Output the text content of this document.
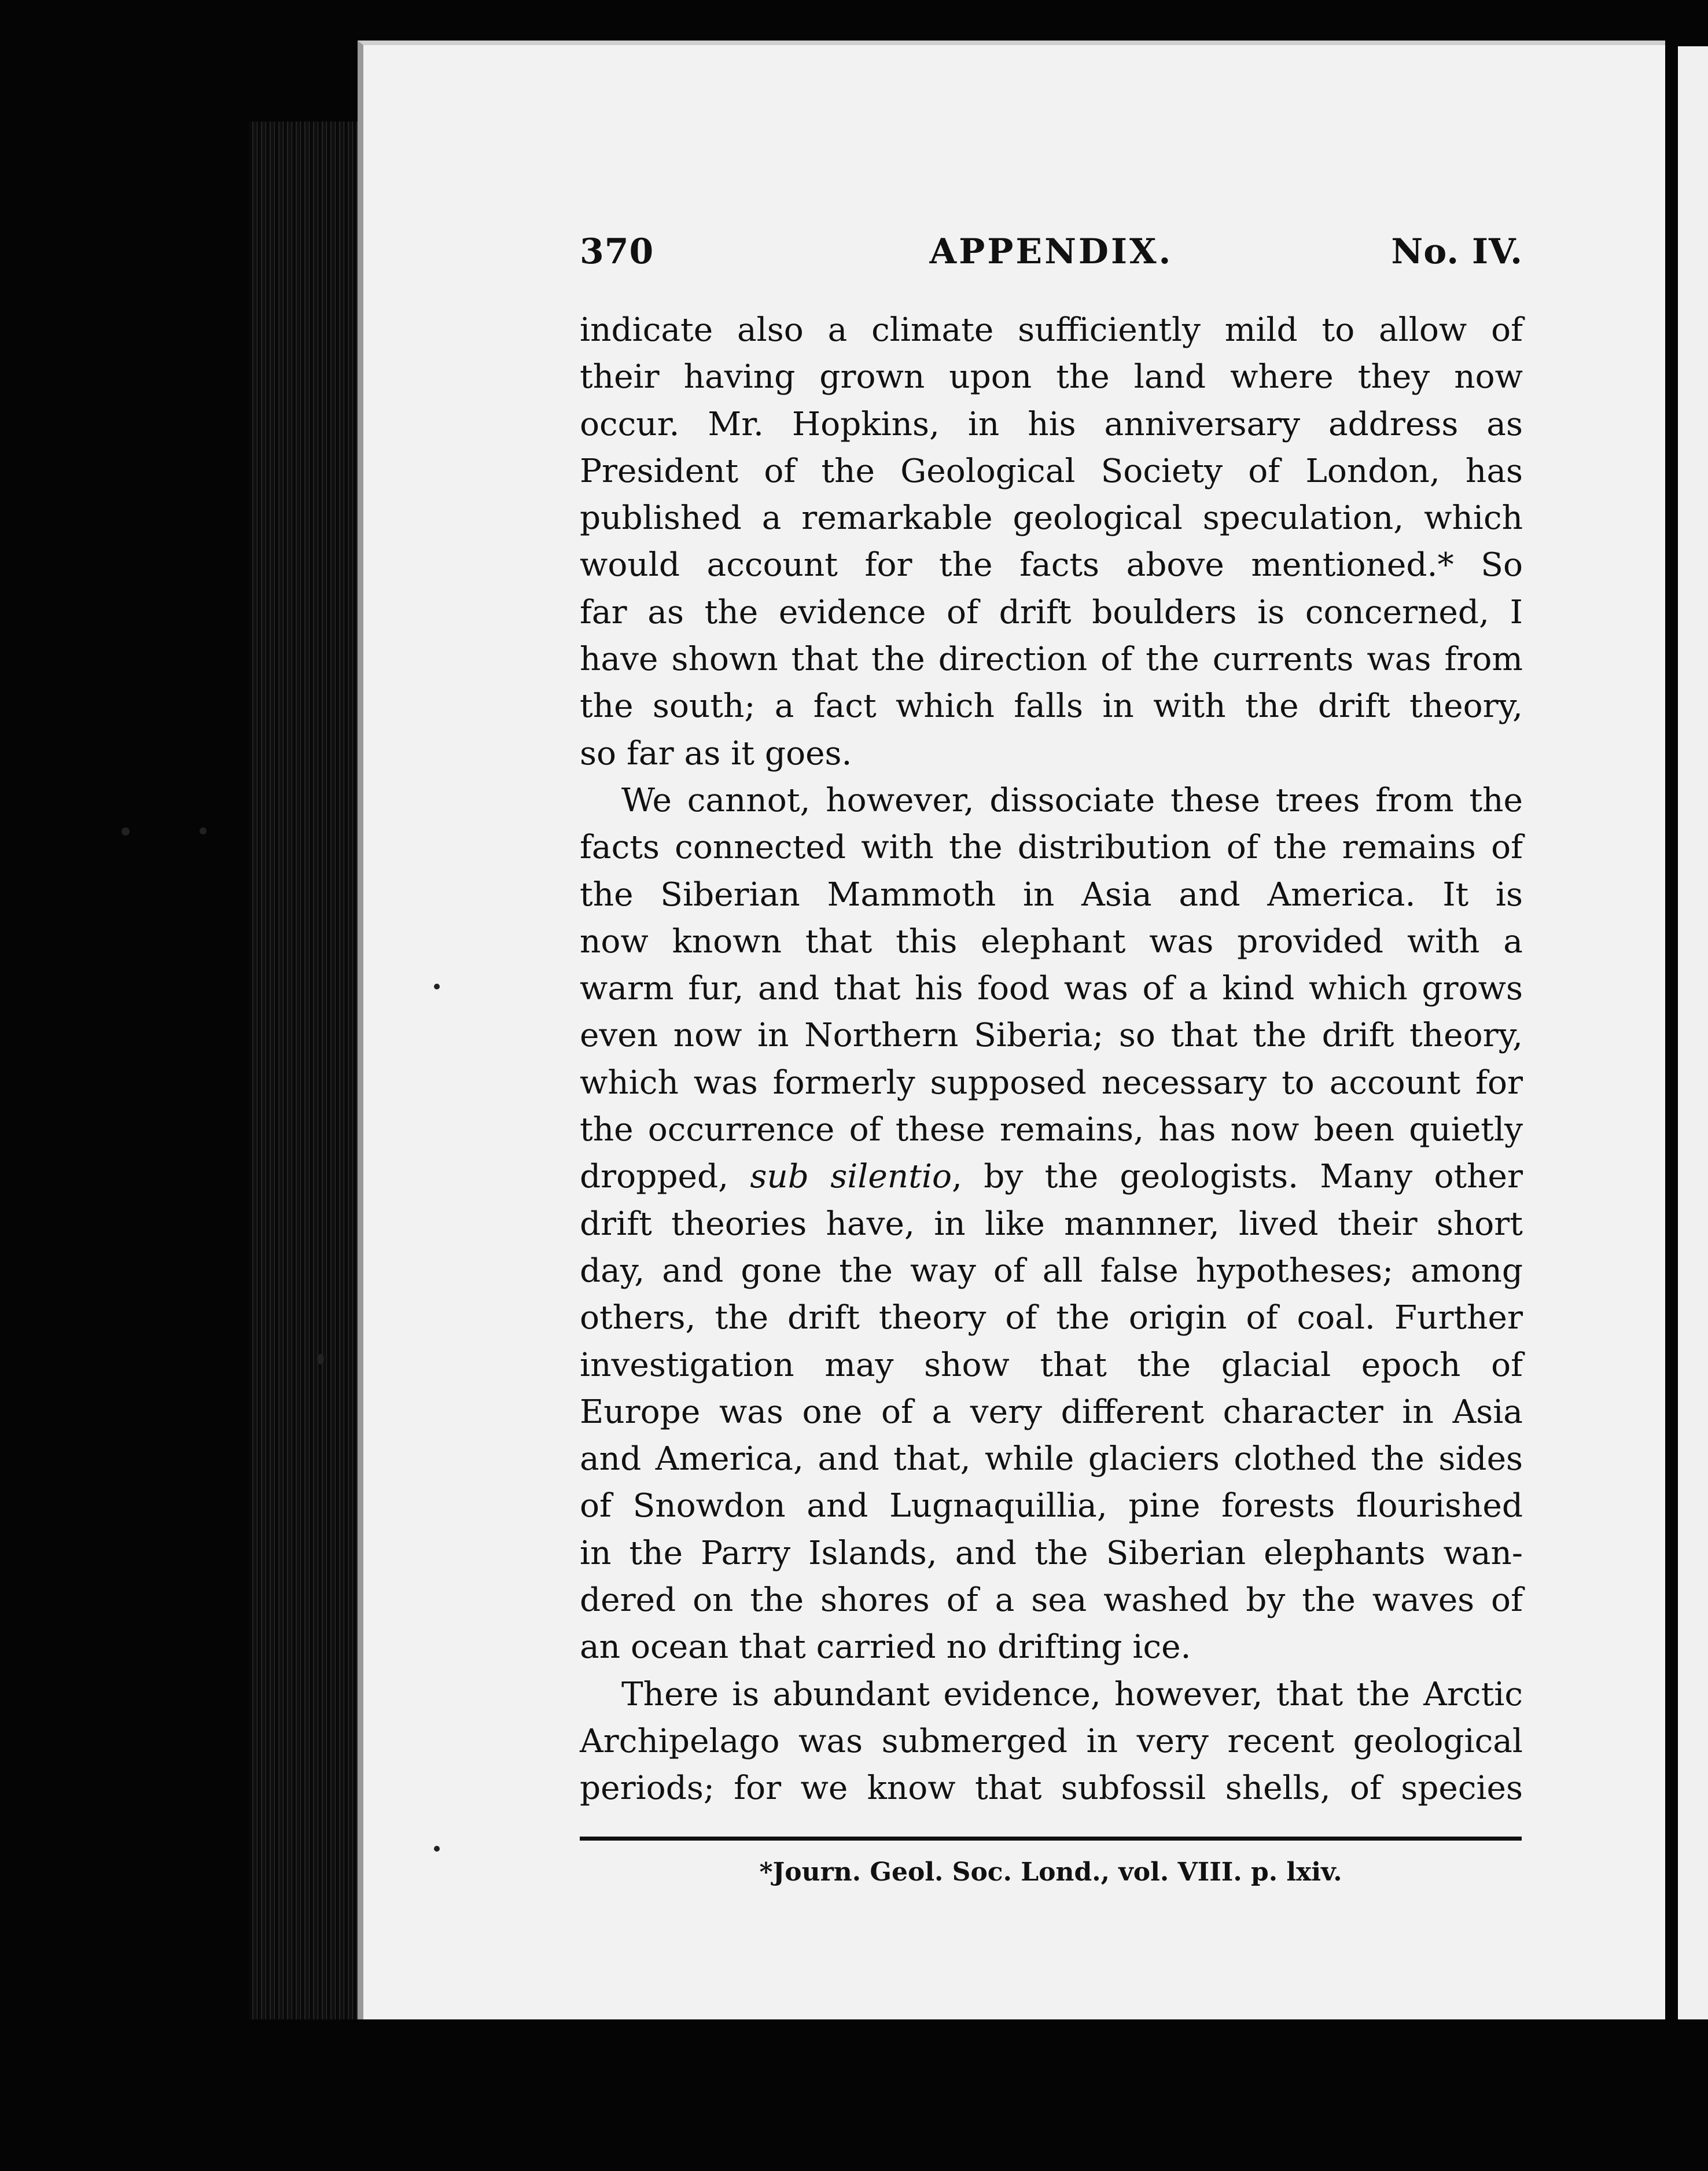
370	APPENDIX.	No. IV.

indicate also a climate sufficiently mild to allow of
their having grown upon the land where they now
occur. Mr. Hopkins, in his anniversary address as
President of the Geological Society of London, has
published a remarkable geological speculation, which
would account for the facts above mentioned.* So
far as the evidence of drift boulders is concerned, I
have shown that the direction of the currents was from
the south; a fact which falls in with the drift theory,
so far as it goes.

We cannot, however, dissociate these trees from the
facts connected with the distribution of the remains of
the Siberian Mammoth in Asia and America. It is
now known that this elephant was provided with a
warm fur, and that his food was of a kind which grows
even now in Northern Siberia; so that the drift theory,
which was formerly supposed necessary to account for
the occurrence of these remains, has now been quietly
dropped, sub silentio, by the geologists. Many other
drift theories have, in like mannner, lived their short
day, and gone the way of all false hypotheses; among
others, the drift theory of the origin of coal. Further
investigation may show that the glacial epoch of
Europe was one of a very different character in Asia
and America, and that, while glaciers clothed the sides
of Snowdon and Lugnaquillia, pine forests flourished
in the Parry Islands, and the Siberian elephants wan-
dered on the shores of a sea washed by the waves of
an ocean that carried no drifting ice.

There is abundant evidence, however, that the Arctic
Archipelago was submerged in very recent geological
periods; for we know that subfossil shells, of species

*Journ. Geol. Soc. Lond., vol. VIII. p. lxiv.
